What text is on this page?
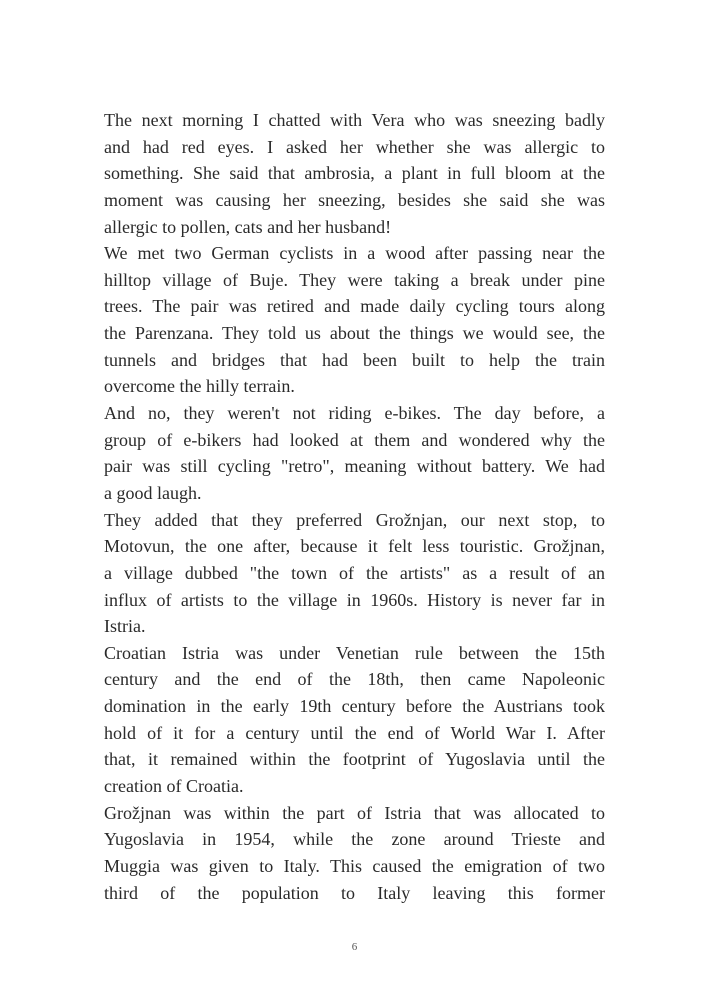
The next morning I chatted with Vera who was sneezing badly
and had red eyes. I asked her whether she was allergic to
something. She said that ambrosia, a plant in full bloom at the
moment was causing her sneezing, besides she said she was
allergic to pollen, cats and her husband!
We met two German cyclists in a wood after passing near the
hilltop village of Buje. They were taking a break under pine
trees. The pair was retired and made daily cycling tours along
the Parenzana. They told us about the things we would see, the
tunnels and bridges that had been built to help the train
overcome the hilly terrain.
And no, they weren't not riding e-bikes. The day before, a
group of e-bikers had looked at them and wondered why the
pair was still cycling "retro", meaning without battery. We had
a good laugh.
They added that they preferred Grožnjan, our next stop, to
Motovun, the one after, because it felt less touristic. Grožjnan,
a village dubbed "the town of the artists" as a result of an
influx of artists to the village in 1960s. History is never far in
Istria.
Croatian Istria was under Venetian rule between the 15th
century and the end of the 18th, then came Napoleonic
domination in the early 19th century before the Austrians took
hold of it for a century until the end of World War I. After
that, it remained within the footprint of Yugoslavia until the
creation of Croatia.
Grožjnan was within the part of Istria that was allocated to
Yugoslavia in 1954, while the zone around Trieste and
Muggia was given to Italy. This caused the emigration of two
third of the population to Italy leaving this former
6
